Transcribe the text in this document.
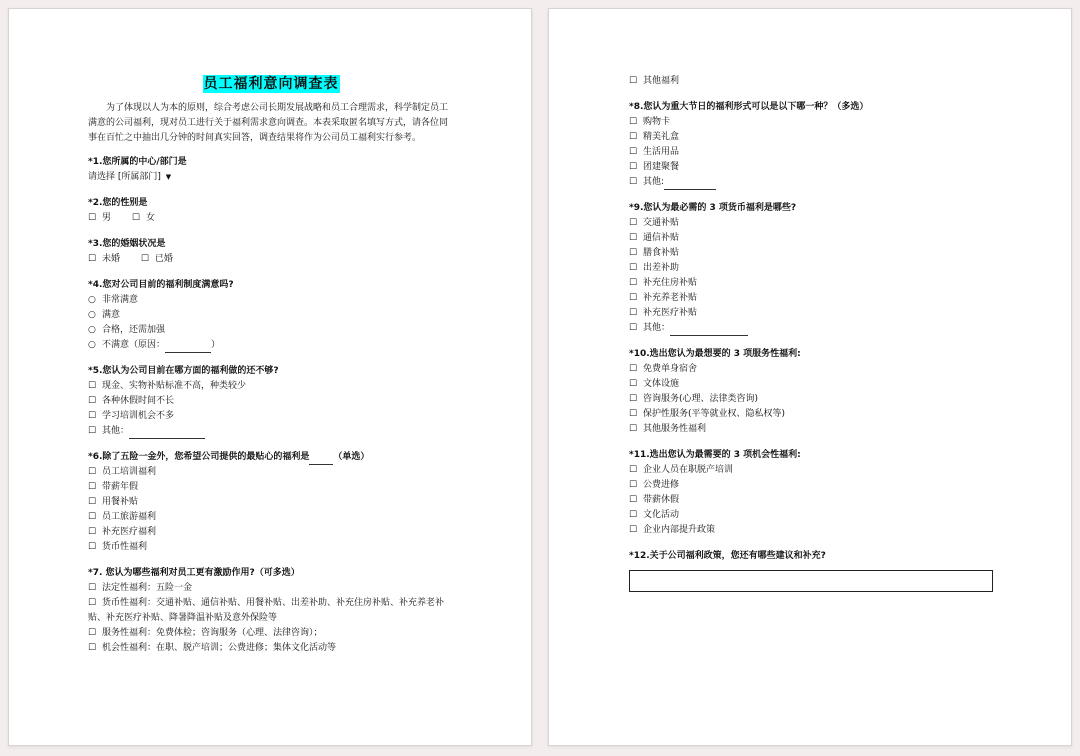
员工福利意向调查表
为了体现以人为本的原则，综合考虑公司长期发展战略和员工合理需求，科学制定员工满意的公司福利，现对员工进行关于福利需求意向调查。本表采取匿名填写方式，请各位同事在百忙之中抽出几分钟的时间真实回答，调查结果将作为公司员工福利实行参考。
*1.您所属的中心/部门是
请选择 [所属部门] ▼
*2.您的性别是
☐ 男 ☐ 女
*3.您的婚姻状况是
☐ 未婚 ☐ 已婚
*4.您对公司目前的福利制度满意吗?
○ 非常满意
○ 满意
○ 合格，还需加强
○ 不满意（原因：	）
*5.您认为公司目前在哪方面的福利做的还不够?
☐ 现金、实物补贴标准不高，种类较少
☐ 各种休假时间不长
☐ 学习培训机会不多
☐ 其他：
*6.除了五险一金外，您希望公司提供的最贴心的福利是	（单选）
☐ 员工培训福利
☐ 带薪年假
☐ 用餐补贴
☐ 员工旅游福利
☐ 补充医疗福利
☐ 货币性福利
*7. 您认为哪些福利对员工更有激励作用?（可多选）
☐ 法定性福利：五险一金
☐ 货币性福利：交通补贴、通信补贴、用餐补贴、出差补助、补充住房补贴、补充养老补贴、补充医疗补贴、降暑降温补贴及意外保险等
☐ 服务性福利：免费体检；咨询服务（心理、法律咨询）；
☐ 机会性福利：在职、脱产培训；公费进修；集体文化活动等
☐ 其他福利
*8.您认为重大节日的福利形式可以是以下哪一种？（多选）
☐ 购物卡
☐ 精美礼盒
☐ 生活用品
☐ 团建聚餐
☐ 其他:
*9.您认为最必需的 3 项货币福利是哪些?
☐ 交通补贴
☐ 通信补贴
☐ 膳食补贴
☐ 出差补助
☐ 补充住房补贴
☐ 补充养老补贴
☐ 补充医疗补贴
☐ 其他：
*10.选出您认为最想要的 3 项服务性福利:
☐ 免费单身宿舍
☐ 文体设施
☐ 咨询服务(心理、法律类咨询)
☐ 保护性服务(平等就业权、隐私权等)
☐ 其他服务性福利
*11.选出您认为最需要的 3 项机会性福利:
☐ 企业人员在职脱产培训
☐ 公费进修
☐ 带薪休假
☐ 文化活动
☐ 企业内部提升政策
*12.关于公司福利政策，您还有哪些建议和补充?
